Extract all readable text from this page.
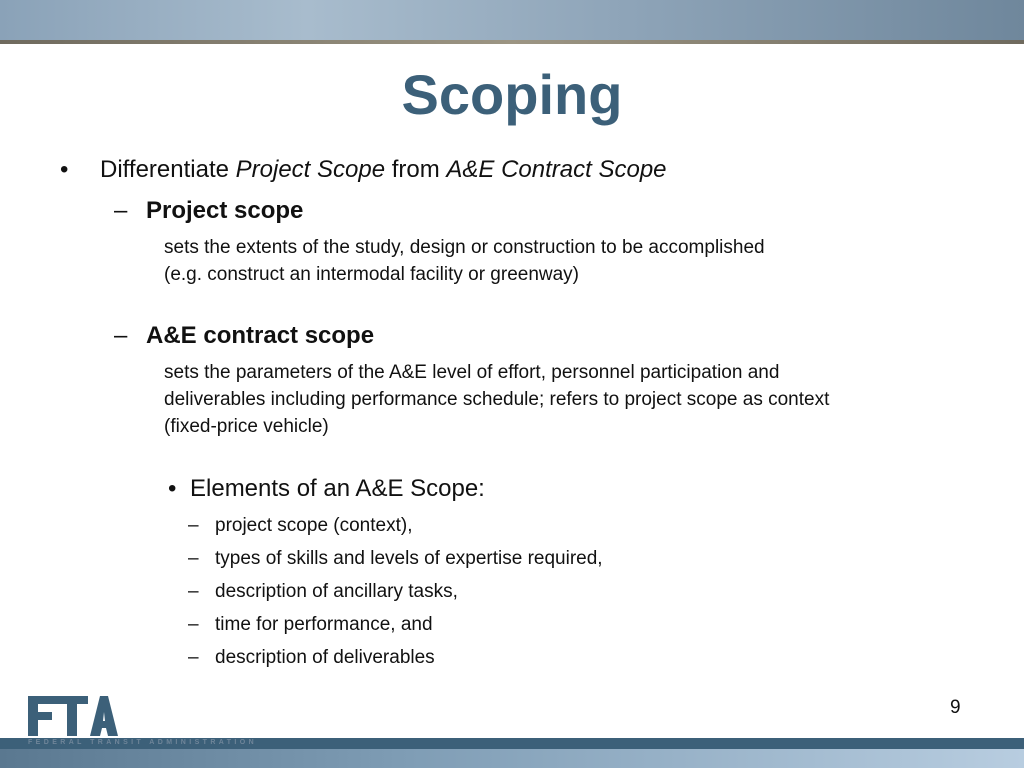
Scoping
•	Differentiate Project Scope from A&E Contract Scope
– Project scope
sets the extents of the study, design or construction to be accomplished
(e.g. construct an intermodal facility or greenway)
– A&E contract scope
sets the parameters of the A&E level of effort, personnel participation and
deliverables including performance schedule; refers to project scope as context
(fixed-price vehicle)
• Elements of an A&E Scope:
– project scope (context),
– types of skills and levels of expertise required,
– description of ancillary tasks,
– time for performance, and
– description of deliverables
9
FEDERAL TRANSIT ADMINISTRATION
